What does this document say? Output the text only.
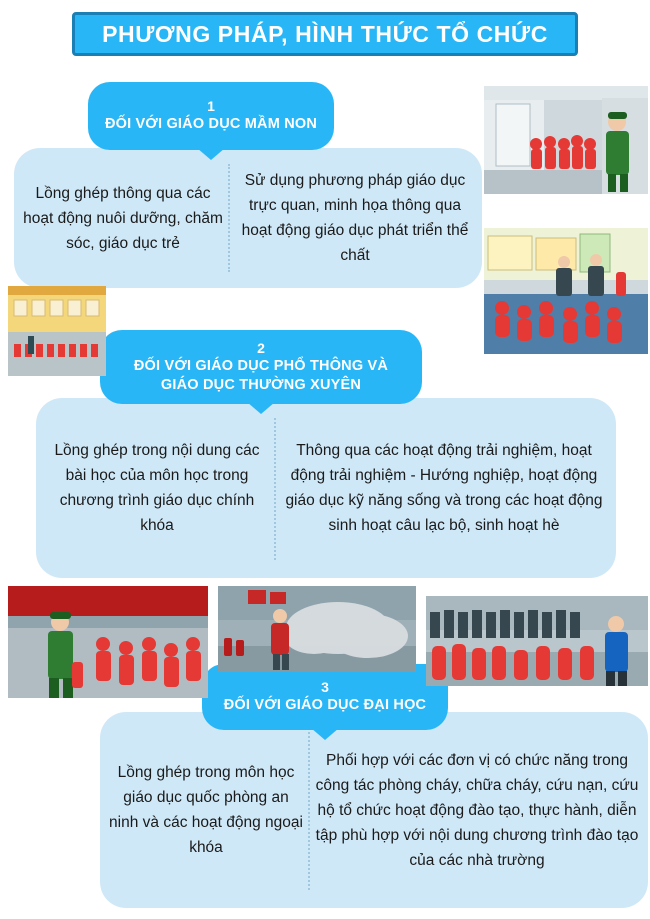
PHƯƠNG PHÁP, HÌNH THỨC TỔ CHỨC
1
ĐỐI VỚI GIÁO DỤC MẦM NON

Lồng ghép thông qua các hoạt động nuôi dưỡng, chăm sóc, giáo dục trẻ

Sử dụng phương pháp giáo dục trực quan, minh họa thông qua hoạt động giáo dục phát triển thể chất

2
ĐỐI VỚI GIÁO DỤC PHỔ THÔNG VÀ GIÁO DỤC THƯỜNG XUYÊN

Lồng ghép trong nội dung các bài học của môn học trong chương trình giáo dục chính khóa

Thông qua các hoạt động trải nghiệm, hoạt động trải nghiệm - Hướng nghiệp, hoạt động giáo dục kỹ năng sống và trong các hoạt động sinh hoạt câu lạc bộ, sinh hoạt hè

3
ĐỐI VỚI GIÁO DỤC ĐẠI HỌC

Lồng ghép trong môn học giáo dục quốc phòng an ninh và các hoạt động ngoại khóa

Phối hợp với các đơn vị có chức năng trong công tác phòng cháy, chữa cháy, cứu nạn, cứu hộ tổ chức hoạt động đào tạo, thực hành, diễn tập phù hợp với nội dung chương trình đào tạo của các nhà trường
